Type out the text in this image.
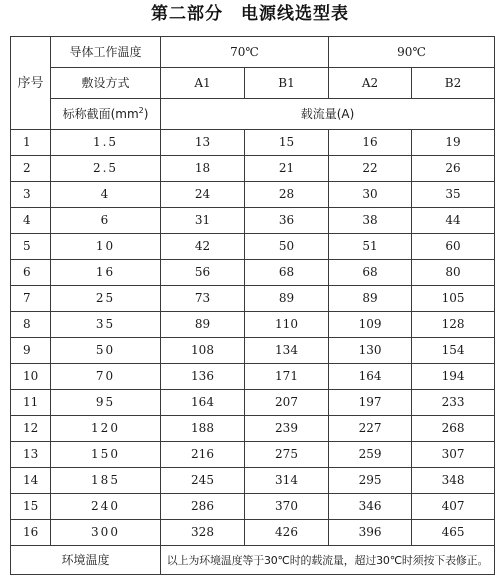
第二部分　电源线选型表
序号	导体工作温度	70℃		90℃	
	敷设方式	A1	B1	A2	B2
	标称截面$(mm^2)$	载流量(A)			
1	1.5	13	15	16	19
2	2.5	18	21	22	26
3	4	24	28	30	35
4	6	31	36	38	44
5	10	42	50	51	60
6	16	56	68	68	80
7	25	73	89	89	105
8	35	89	110	109	128
9	50	108	134	130	154
10	70	136	171	164	194
11	95	164	207	197	233
12	120	188	239	227	268
13	150	216	275	259	307
14	185	245	314	295	348
15	240	286	370	346	407
16	300	328	426	396	465
环境温度		以上为环境温度等于30℃时的载流量，超过30℃时须按下表修正。			
